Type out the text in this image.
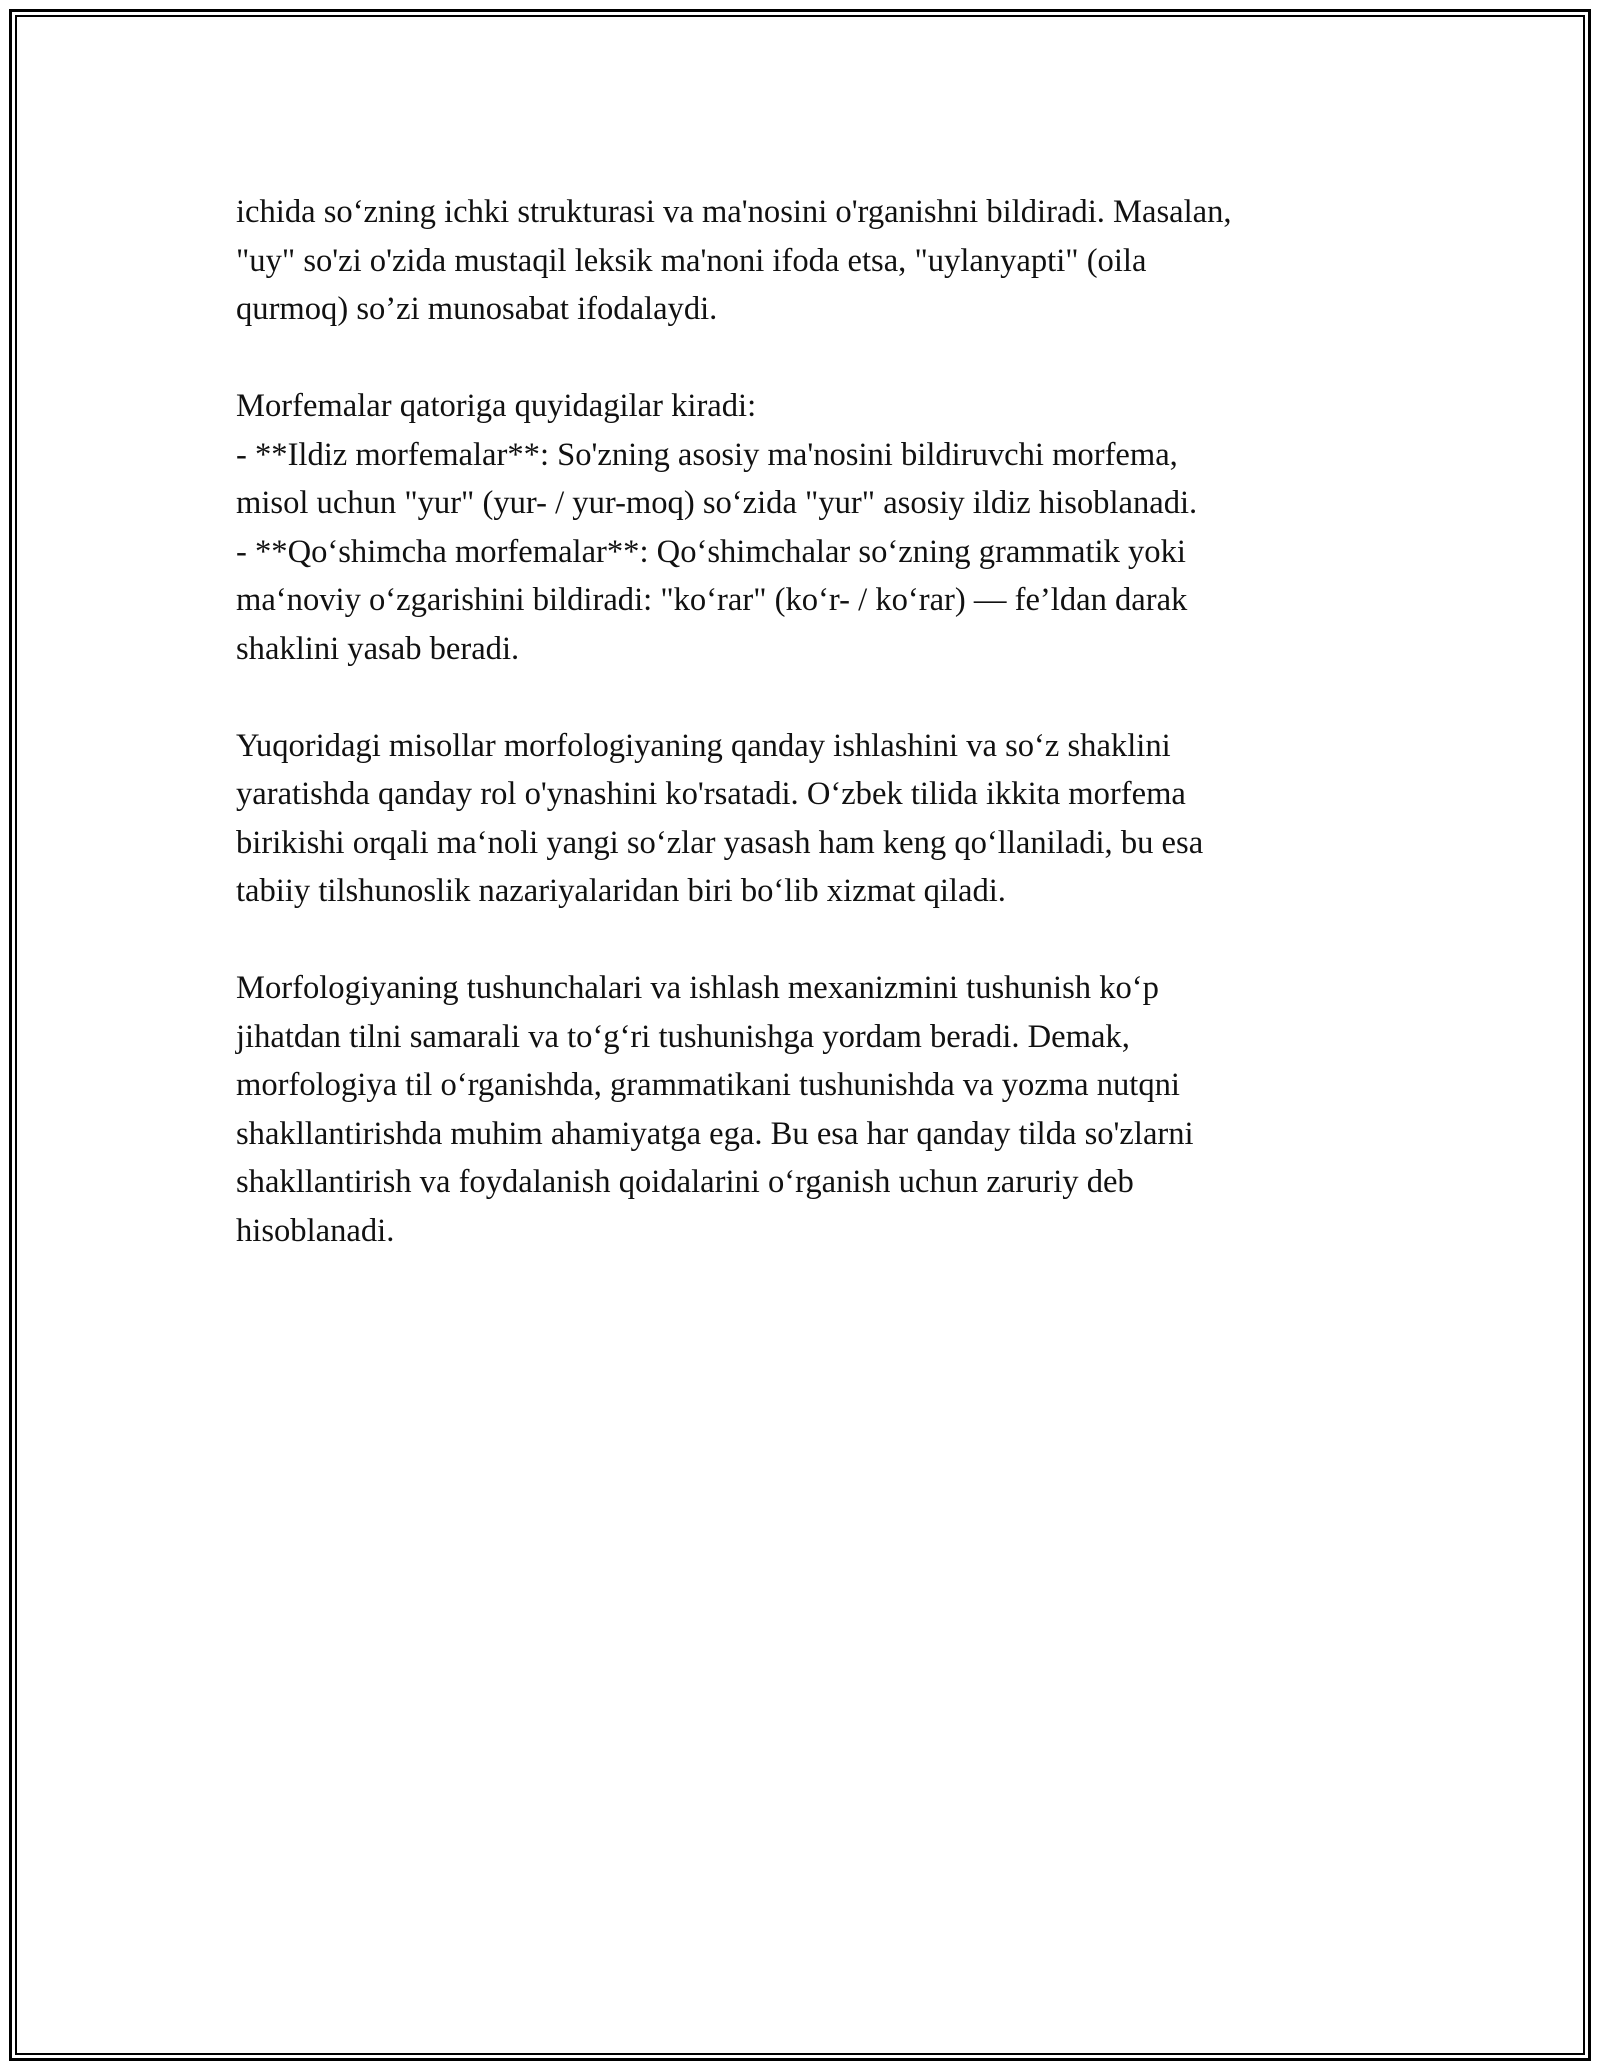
ichida so‘zning ichki strukturasi va ma'nosini o'rganishni bildiradi. Masalan,
"uy" so'zi o'zida mustaqil leksik ma'noni ifoda etsa, "uylanyapti" (oila
qurmoq) so’zi munosabat ifodalaydi.

Morfemalar qatoriga quyidagilar kiradi:
- **Ildiz morfemalar**: So'zning asosiy ma'nosini bildiruvchi morfema,
misol uchun "yur" (yur- / yur-moq) so‘zida "yur" asosiy ildiz hisoblanadi.
- **Qo‘shimcha morfemalar**: Qo‘shimchalar so‘zning grammatik yoki
ma‘noviy o‘zgarishini bildiradi: "ko‘rar" (ko‘r- / ko‘rar) — fe’ldan darak
shaklini yasab beradi.

Yuqoridagi misollar morfologiyaning qanday ishlashini va so‘z shaklini
yaratishda qanday rol o'ynashini ko'rsatadi. O‘zbek tilida ikkita morfema
birikishi orqali ma‘noli yangi so‘zlar yasash ham keng qo‘llaniladi, bu esa
tabiiy tilshunoslik nazariyalaridan biri bo‘lib xizmat qiladi.

Morfologiyaning tushunchalari va ishlash mexanizmini tushunish ko‘p
jihatdan tilni samarali va to‘g‘ri tushunishga yordam beradi. Demak,
morfologiya til o‘rganishda, grammatikani tushunishda va yozma nutqni
shakllantirishda muhim ahamiyatga ega. Bu esa har qanday tilda so'zlarni
shakllantirish va foydalanish qoidalarini o‘rganish uchun zaruriy deb
hisoblanadi.
